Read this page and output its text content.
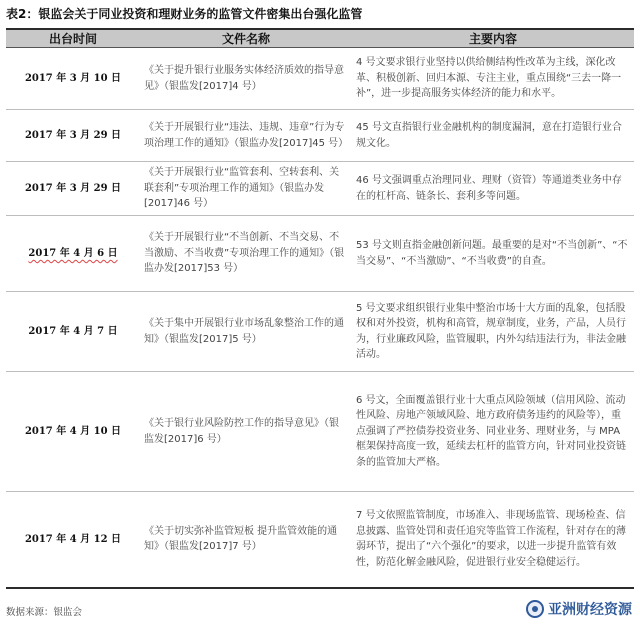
表2：银监会关于同业投资和理财业务的监管文件密集出台强化监管
出台时间	文件名称	主要内容
2017 年 3 月 10 日	《关于提升银行业服务实体经济质效的指导意见》（银监发[2017]4 号）	4 号文要求银行业坚持以供给侧结构性改革为主线，深化改革、积极创新、回归本源、专注主业，重点围绕“三去一降一补”，进一步提高服务实体经济的能力和水平。
2017 年 3 月 29 日	《关于开展银行业“违法、违规、违章”行为专项治理工作的通知》（银监办发[2017]45 号）	45 号文直指银行业金融机构的制度漏洞，意在打造银行业合规文化。
2017 年 3 月 29 日	《关于开展银行业“监管套利、空转套利、关联套利”专项治理工作的通知》（银监办发[2017]46 号）	46 号文强调重点治理同业、理财（资管）等通道类业务中存在的杠杆高、链条长、套利多等问题。
2017 年 4 月 6 日	《关于开展银行业“不当创新、不当交易、不当激励、不当收费”专项治理工作的通知》（银监办发[2017]53 号）	53 号文则直指金融创新问题。最重要的是对“不当创新”、“不当交易”、“不当激励”、“不当收费”的自查。
2017 年 4 月 7 日	《关于集中开展银行业市场乱象整治工作的通知》（银监发[2017]5 号）	5 号文要求组织银行业集中整治市场十大方面的乱象，包括股权和对外投资，机构和高管，规章制度，业务，产品，人员行为，行业廉政风险，监管履职，内外勾结违法行为，非法金融活动。
2017 年 4 月 10 日	《关于银行业风险防控工作的指导意见》（银监发[2017]6 号）	6 号文，全面覆盖银行业十大重点风险领域（信用风险、流动性风险、房地产领域风险、地方政府债务违约的风险等），重点强调了严控债券投资业务、同业业务、理财业务，与 MPA 框架保持高度一致，延续去杠杆的监管方向，针对同业投资链条的监管加大严格。
2017 年 4 月 12 日	《关于切实弥补监管短板 提升监管效能的通知》（银监发[2017]7 号）	7 号文依照监管制度，市场准入、非现场监管、现场检查、信息披露、监管处罚和责任追究等监管工作流程，针对存在的薄弱环节，提出了“六个强化”的要求，以进一步提升监管有效性，防范化解金融风险，促进银行业安全稳健运行。
数据来源：银监会	亚洲财经资源
